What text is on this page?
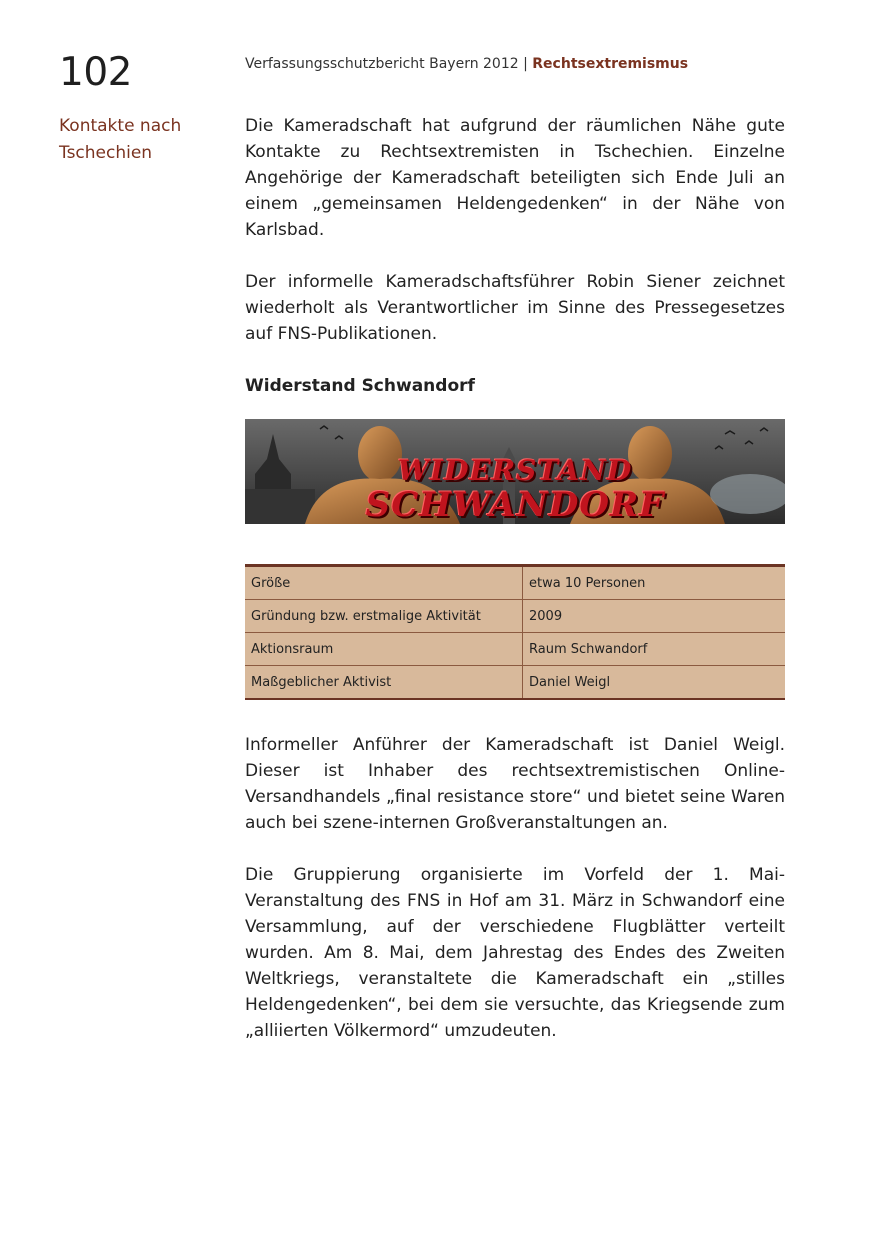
102	Verfassungsschutzbericht Bayern 2012 | Rechtsextremismus
Kontakte nach
Tschechien

Die Kameradschaft hat aufgrund der räumlichen Nähe gute Kontakte zu Rechtsextremisten in Tschechien. Einzelne Angehörige der Kameradschaft beteiligten sich Ende Juli an einem „gemeinsamen Heldengedenken“ in der Nähe von Karlsbad.

Der informelle Kameradschaftsführer Robin Siener zeichnet wiederholt als Verantwortlicher im Sinne des Pressegesetzes auf FNS-Publikationen.

Widerstand Schwandorf
WIDERSTAND
SCHWANDORF
Größe	etwa 10 Personen
Gründung bzw. erstmalige Aktivität	2009
Aktionsraum	Raum Schwandorf
Maßgeblicher Aktivist	Daniel Weigl

Informeller Anführer der Kameradschaft ist Daniel Weigl. Dieser ist Inhaber des rechtsextremistischen Online-Versandhandels „final resistance store“ und bietet seine Waren auch bei szene-internen Großveranstaltungen an.

Die Gruppierung organisierte im Vorfeld der 1. Mai-Veranstaltung des FNS in Hof am 31. März in Schwandorf eine Versammlung, auf der verschiedene Flugblätter verteilt wurden. Am 8. Mai, dem Jahrestag des Endes des Zweiten Weltkriegs, veranstaltete die Kameradschaft ein „stilles Heldengedenken“, bei dem sie versuchte, das Kriegsende zum „alliierten Völkermord“ umzudeuten.
